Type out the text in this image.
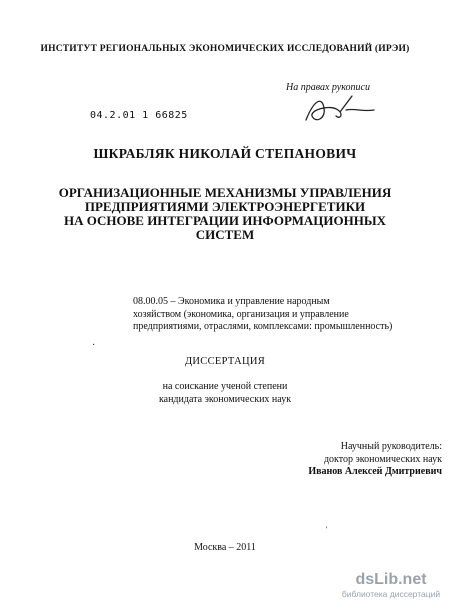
ИНСТИТУТ РЕГИОНАЛЬНЫХ ЭКОНОМИЧЕСКИХ ИССЛЕДОВАНИЙ (ИРЭИ)
На правах рукописи
04.2.01 1 66825
ШКРАБЛЯК НИКОЛАЙ СТЕПАНОВИЧ
ОРГАНИЗАЦИОННЫЕ МЕХАНИЗМЫ УПРАВЛЕНИЯ
ПРЕДПРИЯТИЯМИ ЭЛЕКТРОЭНЕРГЕТИКИ
НА ОСНОВЕ ИНТЕГРАЦИИ ИНФОРМАЦИОННЫХ
СИСТЕМ
08.00.05 – Экономика и управление народным
хозяйством (экономика, организация и управление
предприятиями, отраслями, комплексами: промышленность)
·
ДИССЕРТАЦИЯ
на соискание ученой степени
кандидата экономических наук
Научный руководитель:
доктор экономических наук
Иванов Алексей Дмитриевич
'
Москва – 2011
dsLib.net
библиотека диссертаций
